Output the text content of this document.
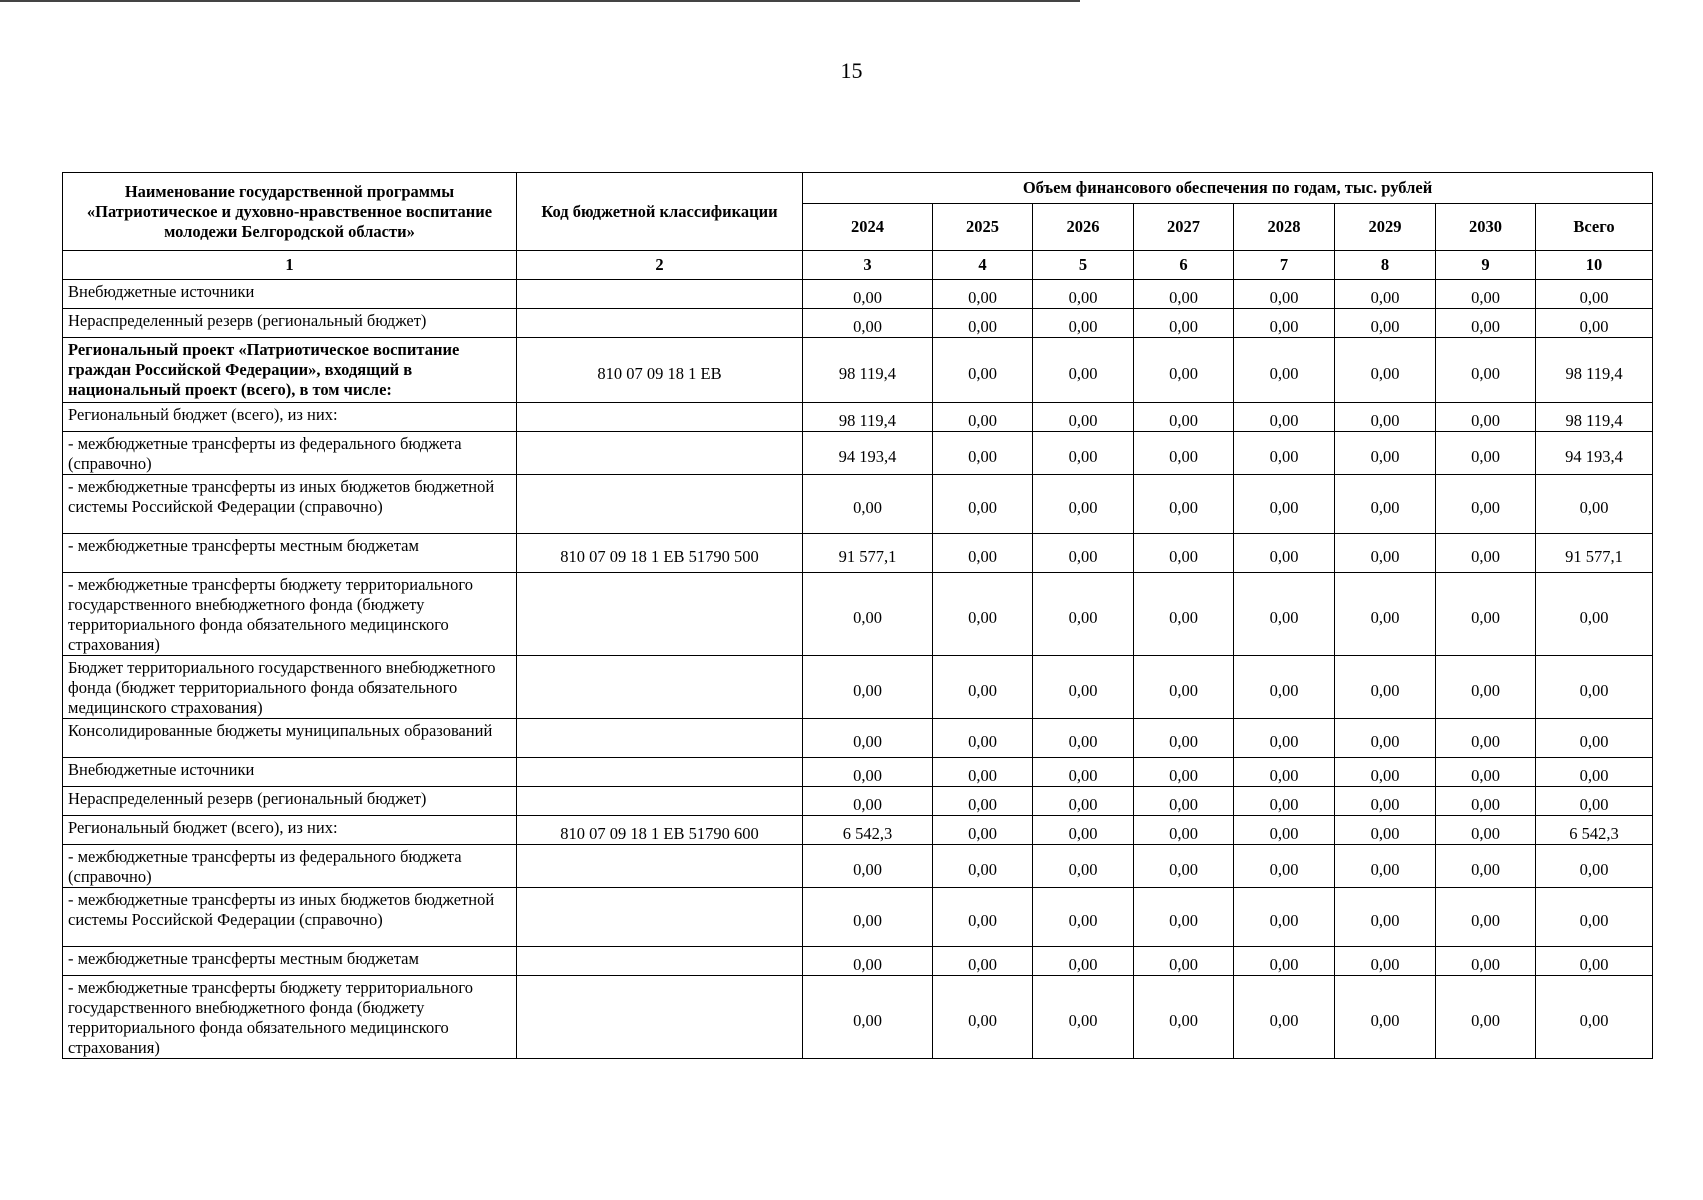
15
Наименование государственной программы «Патриотическое и духовно-нравственное воспитание молодежи Белгородской области»	Код бюджетной классификации	Объем финансового обеспечения по годам, тыс. рублей							
		2024	2025	2026	2027	2028	2029	2030	Всего
1	2	3	4	5	6	7	8	9	10
Внебюджетные источники		0,00	0,00	0,00	0,00	0,00	0,00	0,00	0,00
Нераспределенный резерв (региональный бюджет)		0,00	0,00	0,00	0,00	0,00	0,00	0,00	0,00
Региональный проект «Патриотическое воспитание граждан Российской Федерации», входящий в национальный проект (всего), в том числе:	810 07 09 18 1 ЕВ	98 119,4	0,00	0,00	0,00	0,00	0,00	0,00	98 119,4
Региональный бюджет (всего), из них:		98 119,4	0,00	0,00	0,00	0,00	0,00	0,00	98 119,4
- межбюджетные трансферты из федерального бюджета (справочно)		94 193,4	0,00	0,00	0,00	0,00	0,00	0,00	94 193,4
- межбюджетные трансферты из иных бюджетов бюджетной системы Российской Федерации (справочно)		0,00	0,00	0,00	0,00	0,00	0,00	0,00	0,00
- межбюджетные трансферты местным бюджетам	810 07 09 18 1 ЕВ 51790 500	91 577,1	0,00	0,00	0,00	0,00	0,00	0,00	91 577,1
- межбюджетные трансферты бюджету территориального государственного внебюджетного фонда (бюджету территориального фонда обязательного медицинского страхования)		0,00	0,00	0,00	0,00	0,00	0,00	0,00	0,00
Бюджет территориального государственного внебюджетного фонда (бюджет территориального фонда обязательного медицинского страхования)		0,00	0,00	0,00	0,00	0,00	0,00	0,00	0,00
Консолидированные бюджеты муниципальных образований		0,00	0,00	0,00	0,00	0,00	0,00	0,00	0,00
Внебюджетные источники		0,00	0,00	0,00	0,00	0,00	0,00	0,00	0,00
Нераспределенный резерв (региональный бюджет)		0,00	0,00	0,00	0,00	0,00	0,00	0,00	0,00
Региональный бюджет (всего), из них:	810 07 09 18 1 ЕВ 51790 600	6 542,3	0,00	0,00	0,00	0,00	0,00	0,00	6 542,3
- межбюджетные трансферты из федерального бюджета (справочно)		0,00	0,00	0,00	0,00	0,00	0,00	0,00	0,00
- межбюджетные трансферты из иных бюджетов бюджетной системы Российской Федерации (справочно)		0,00	0,00	0,00	0,00	0,00	0,00	0,00	0,00
- межбюджетные трансферты местным бюджетам		0,00	0,00	0,00	0,00	0,00	0,00	0,00	0,00
- межбюджетные трансферты бюджету территориального государственного внебюджетного фонда (бюджету территориального фонда обязательного медицинского страхования)		0,00	0,00	0,00	0,00	0,00	0,00	0,00	0,00
